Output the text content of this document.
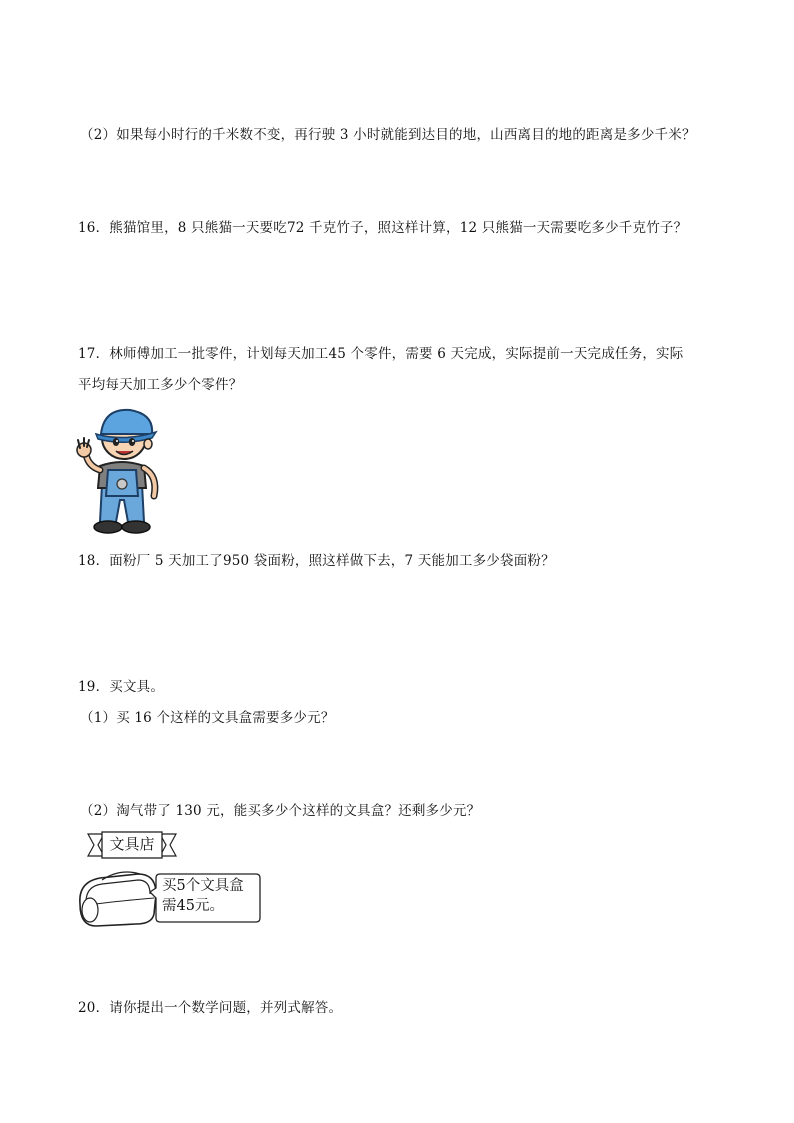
（2）如果每小时行的千米数不变，再行驶 3 小时就能到达目的地，山西离目的地的距离是多少千米？
16．熊猫馆里，8 只熊猫一天要吃72 千克竹子，照这样计算，12 只熊猫一天需要吃多少千克竹子？
17．林师傅加工一批零件，计划每天加工45 个零件，需要 6 天完成，实际提前一天完成任务，实际
平均每天加工多少个零件？
18．面粉厂 5 天加工了950 袋面粉，照这样做下去，7 天能加工多少袋面粉？
19．买文具。
（1）买 16 个这样的文具盒需要多少元？
（2）淘气带了 130 元，能买多少个这样的文具盒？还剩多少元？
文具店
买5个文具盒
需45元。
20．请你提出一个数学问题，并列式解答。
